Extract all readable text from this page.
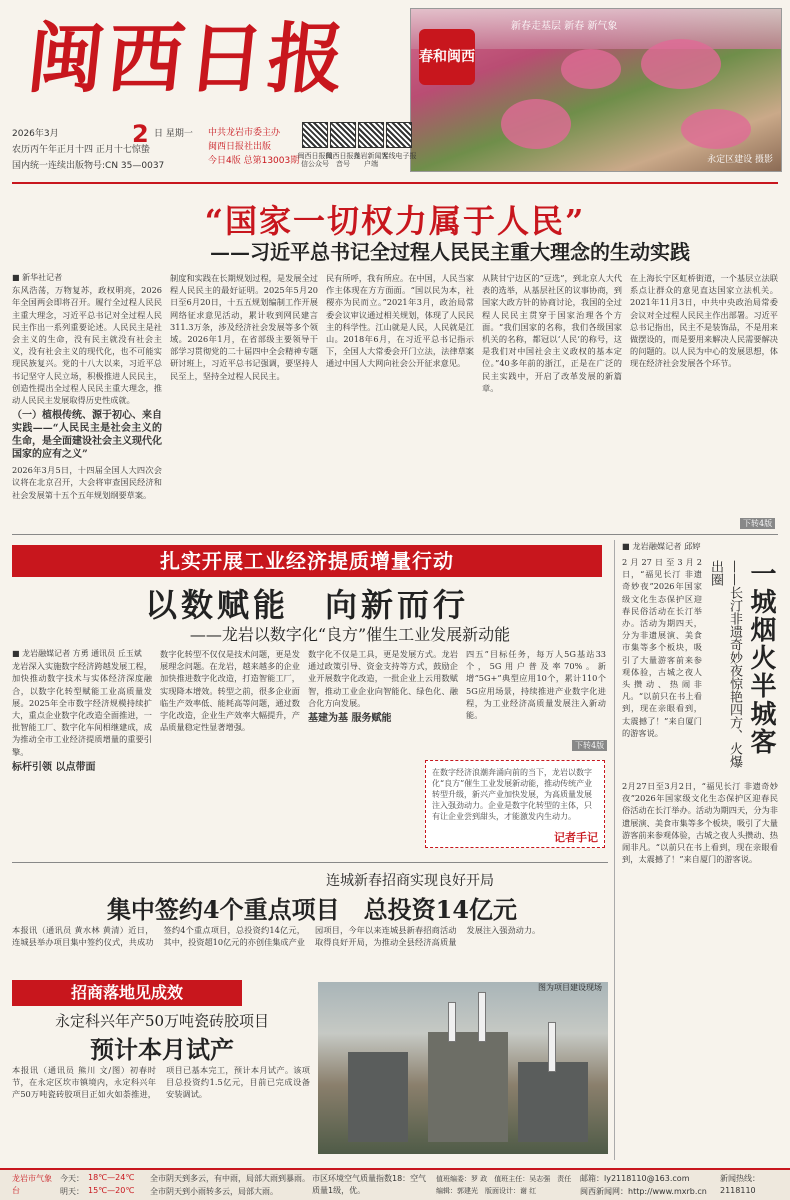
闽西日报	春和闽西
新春走基层 新春 新气象
永定区建设 摄影
2026年3月	2 日 星期一
农历丙午年正月十四 正月十七惊蛰
国内统一连续出版物号:CN 35—0037
中共龙岩市委主办
闽西日报社出版
今日4版 总第13003期
闽西日报微信公众号
闽西日报抖音号
龙岩新闻客户端
无线电子报
“国家一切权力属于人民”
——习近平总书记全过程人民民主重大理念的生动实践
■ 新华社记者
东风浩荡，万物复苏，政权明亮，2026年全国两会即将召开。履行全过程人民民主重大理念，习近平总书记对全过程人民民主作出一系列重要论述。人民民主是社会主义的生命，没有民主就没有社会主义，没有社会主义的现代化，也不可能实现民族复兴。党的十八大以来，习近平总书记坚守人民立场，积极推进人民民主，创造性提出全过程人民民主重大理念，推动人民民主发展取得历史性成就。
（一）植根传统、源于初心、来自实践——“人民民主是社会主义的生命，是全面建设社会主义现代化国家的应有之义”
2026年3月5日，十四届全国人大四次会议将在北京召开，大会将审查国民经济和社会发展第十五个五年规划纲要草案。
制度和实践在长期规划过程，是发展全过程人民民主的最好证明。2025年5月20日至6月20日，十五五规划编制工作开展网络征求意见活动，累计收到网民建言311.3万条，涉及经济社会发展等多个领域。2026年1月，在省部级主要领导干部学习贯彻党的二十届四中全会精神专题研讨班上，习近平总书记强调，要坚持人民至上，坚持全过程人民民主。
民有所呼，我有所应。在中国，人民当家作主体现在方方面面。“国以民为本，社稷亦为民而立。”2021年3月，政治局常委会议审议通过相关规划，体现了人民民主的科学性。江山就是人民，人民就是江山。2018年6月，在习近平总书记指示下，全国人大常委会开门立法，法律草案通过中国人大网向社会公开征求意见。
从陕甘宁边区的“豆选”，到北京人大代表的选举，从基层社区的议事协商，到国家大政方针的协商讨论，我国的全过程人民民主贯穿于国家治理各个方面。“我们国家的名称，我们各级国家机关的名称，都冠以‘人民’的称号，这是我们对中国社会主义政权的基本定位。”40多年前的浙江，正是在广泛的民主实践中，开启了改革发展的新篇章。
在上海长宁区虹桥街道，一个基层立法联系点让群众的意见直达国家立法机关。2021年11月3日，中共中央政治局常委会议对全过程人民民主作出部署。习近平总书记指出，民主不是装饰品，不是用来做摆设的，而是要用来解决人民需要解决的问题的。以人民为中心的发展思想，体现在经济社会发展各个环节。
下转4版
扎实开展工业经济提质增量行动
以数赋能　向新而行
——龙岩以数字化“良方”催生工业发展新动能
■ 龙岩融媒记者 方勇 通讯员 丘玉斌
龙岩深入实施数字经济跨越发展工程，加快推动数字技术与实体经济深度融合，以数字化转型赋能工业高质量发展。2025年全市数字经济规模持续扩大，重点企业数字化改造全面推进，一批智能工厂、数字化车间相继建成，成为推动全市工业经济提质增量的重要引擎。
标杆引领 以点带面
数字化转型不仅仅是技术问题，更是发展理念问题。在龙岩，越来越多的企业加快推进数字化改造，打造智能工厂，实现降本增效。转型之前，很多企业面临生产效率低、能耗高等问题，通过数字化改造，企业生产效率大幅提升，产品质量稳定性显著增强。
数字化不仅是工具，更是发展方式。龙岩通过政策引导、资金支持等方式，鼓励企业开展数字化改造，一批企业上云用数赋智，推动工业企业向智能化、绿色化、融合化方向发展。
基建为基 服务赋能
四五”目标任务，每万人5G基站33个，5G用户普及率70%。新增“5G+”典型应用10个，累计110个5G应用场景，持续推进产业数字化进程，为工业经济高质量发展注入新动能。
下转4版
在数字经济浪潮奔涌向前的当下，龙岩以数字化“良方”催生工业发展新动能，推动传统产业转型升级，新兴产业加快发展，为高质量发展注入强劲动力。企业是数字化转型的主体，只有让企业尝到甜头，才能激发内生动力。
记者手记
■ 龙岩融媒记者 邱婷
一城烟火半城客
——长汀非遗奇妙夜惊艳四方、火爆出圈
2月27日至3月2日，“福见长汀 非遗奇妙夜”2026年国家级文化生态保护区迎春民俗活动在长汀举办。活动为期四天，分为非遗展演、美食市集等多个板块，吸引了大量游客前来参观体验，古城之夜人头攒动、热闹非凡。“以前只在书上看到，现在亲眼看到，太震撼了！”来自厦门的游客说。
2月27日至3月2日，“福见长汀 非遗奇妙夜”2026年国家级文化生态保护区迎春民俗活动在长汀举办。活动为期四天，分为非遗展演、美食市集等多个板块，吸引了大量游客前来参观体验，古城之夜人头攒动、热闹非凡。“以前只在书上看到，现在亲眼看到，太震撼了！”来自厦门的游客说。
连城新春招商实现良好开局
集中签约4个重点项目　总投资14亿元
本报讯（通讯员 黄水林 黄清）近日，连城县举办项目集中签约仪式，共成功签约4个重点项目，总投资约14亿元，其中，投资超10亿元的亦创佳集成产业园项目，今年以来连城县新春招商活动取得良好开局，为推动全县经济高质量发展注入强劲动力。
招商落地见成效
永定科兴年产50万吨瓷砖胶项目
预计本月试产
本报讯（通讯员 熊川 文/图）初春时节，在永定区坎市镇境内，永定科兴年产50万吨瓷砖胶项目正如火如荼推进，项目已基本完工，预计本月试产。该项目总投资约1.5亿元，目前已完成设备安装调试。
图为项目建设现场
龙岩市气象台
今天： 18℃—24℃ 全市阴天到多云，有中雨，局部大雨到暴雨。
明天： 15℃—20℃ 全市阴天到小雨转多云，局部大雨。
市区环境空气质量指数18：空气质量1级，优。
值班编委：罗 政　值班主任：吴志强　责任编辑：郭建光　版面设计：谢 红
邮箱：ly2118110@163.com
闽西新闻网：http://www.mxrb.cn
新闻热线：2118110
